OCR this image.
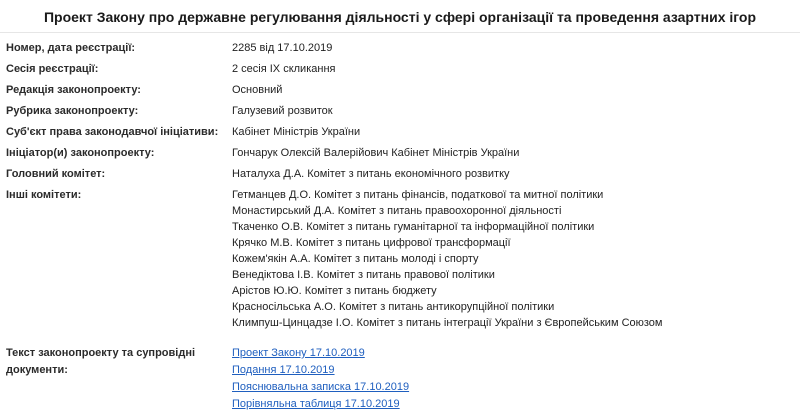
Проект Закону про державне регулювання діяльності у сфері організації та проведення азартних ігор
Номер, дата реєстрації:	2285 від 17.10.2019
Сесія реєстрації:	2 сесія IX скликання
Редакція законопроекту:	Основний
Рубрика законопроекту:	Галузевий розвиток
Суб'єкт права законодавчої ініціативи:	Кабінет Міністрів України
Ініціатор(и) законопроекту:	Гончарук Олексій Валерійович Кабінет Міністрів України
Головний комітет:	Наталуха Д.А. Комітет з питань економічного розвитку
Інші комітети:	Гетманцев Д.О. Комітет з питань фінансів, податкової та митної політики
Монастирський Д.А. Комітет з питань правоохоронної діяльності
Ткаченко О.В. Комітет з питань гуманітарної та інформаційної політики
Крячко М.В. Комітет з питань цифрової трансформації
Кожем'якін А.А. Комітет з питань молоді і спорту
Венедіктова І.В. Комітет з питань правової політики
Арістов Ю.Ю. Комітет з питань бюджету
Красносільська А.О. Комітет з питань антикорупційної політики
Климпуш-Цинцадзе І.О. Комітет з питань інтеграції України з Європейським Союзом
Текст законопроекту та супровідні
документи:
Проект Закону 17.10.2019
Подання 17.10.2019
Пояснювальна записка 17.10.2019
Порівняльна таблиця 17.10.2019
